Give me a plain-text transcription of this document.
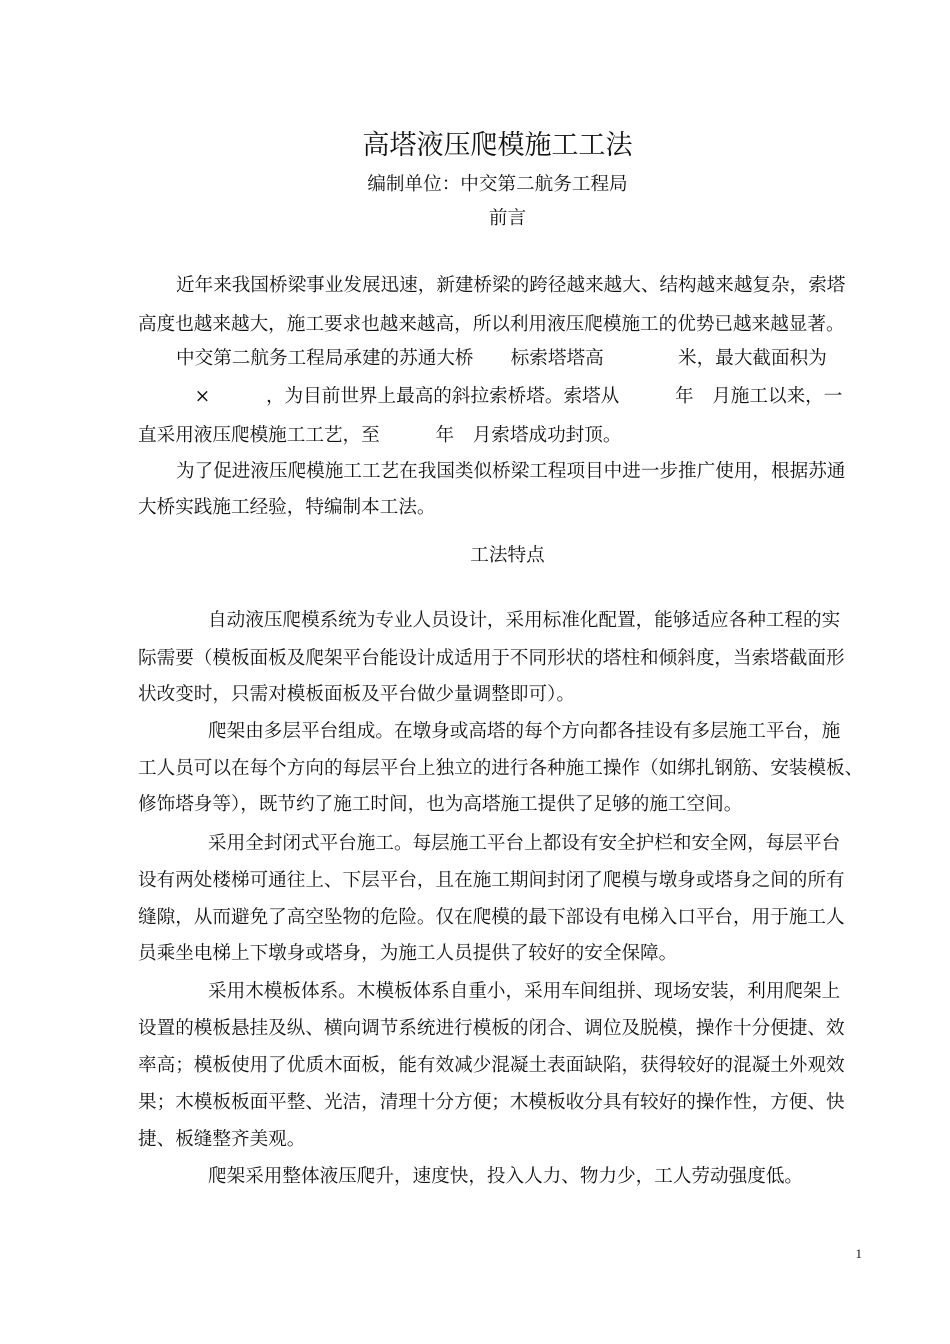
高塔液压爬模施工工法
编制单位：中交第二航务工程局
前言
近年来我国桥梁事业发展迅速，新建桥梁的跨径越来越大、结构越来越复杂，索塔
高度也越来越大，施工要求也越来越高，所以利用液压爬模施工的优势已越来越显著。
中交第二航务工程局承建的苏通大桥　　标索塔塔高　　　　米，最大截面积为
　×　　　，为目前世界上最高的斜拉索桥塔。索塔从　　　年　月施工以来，一
直采用液压爬模施工工艺，至　　　年　月索塔成功封顶。
为了促进液压爬模施工工艺在我国类似桥梁工程项目中进一步推广使用，根据苏通
大桥实践施工经验，特编制本工法。
工法特点
自动液压爬模系统为专业人员设计，采用标准化配置，能够适应各种工程的实
际需要（模板面板及爬架平台能设计成适用于不同形状的塔柱和倾斜度，当索塔截面形
状改变时，只需对模板面板及平台做少量调整即可）。
爬架由多层平台组成。在墩身或高塔的每个方向都各挂设有多层施工平台，施
工人员可以在每个方向的每层平台上独立的进行各种施工操作（如绑扎钢筋、安装模板、
修饰塔身等），既节约了施工时间，也为高塔施工提供了足够的施工空间。
采用全封闭式平台施工。每层施工平台上都设有安全护栏和安全网，每层平台
设有两处楼梯可通往上、下层平台，且在施工期间封闭了爬模与墩身或塔身之间的所有
缝隙，从而避免了高空坠物的危险。仅在爬模的最下部设有电梯入口平台，用于施工人
员乘坐电梯上下墩身或塔身，为施工人员提供了较好的安全保障。
采用木模板体系。木模板体系自重小，采用车间组拼、现场安装，利用爬架上
设置的模板悬挂及纵、横向调节系统进行模板的闭合、调位及脱模，操作十分便捷、效
率高；模板使用了优质木面板，能有效减少混凝土表面缺陷，获得较好的混凝土外观效
果；木模板板面平整、光洁，清理十分方便；木模板收分具有较好的操作性，方便、快
捷、板缝整齐美观。
爬架采用整体液压爬升，速度快，投入人力、物力少，工人劳动强度低。
1
